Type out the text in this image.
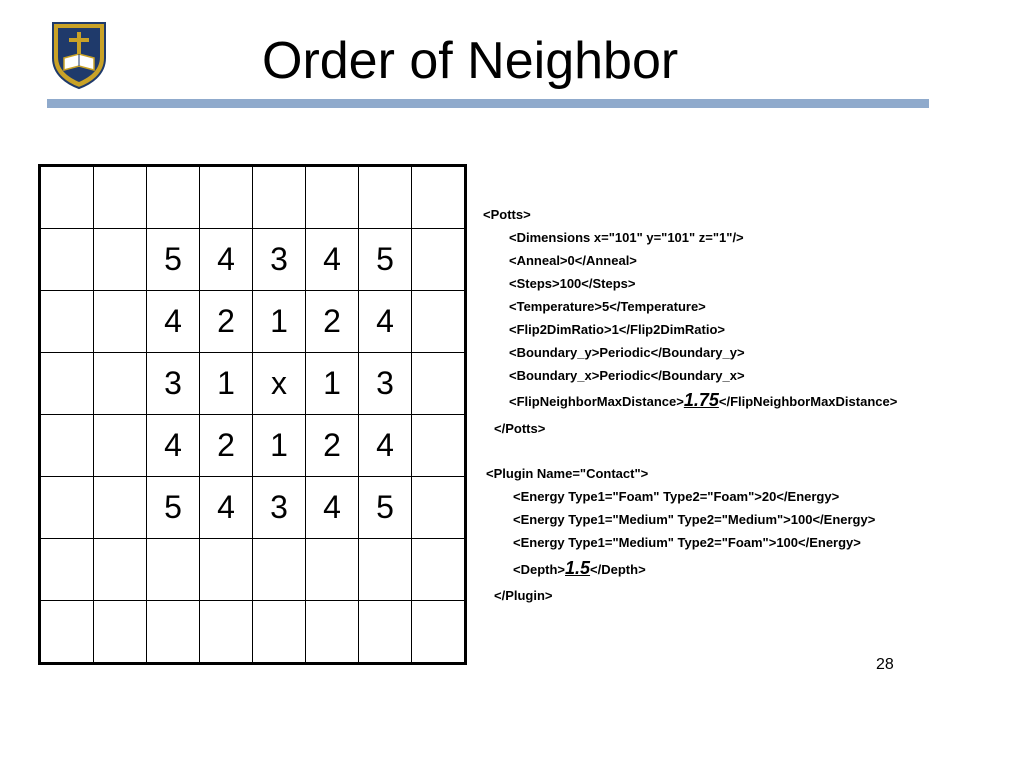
Order of Neighbor

		5	4	3	4	5	
		4	2	1	2	4	
		3	1	x	1	3	
		4	2	1	2	4	
		5	4	3	4	5	

<Potts>
<Dimensions x="101" y="101" z="1"/>
<Anneal>0</Anneal>
<Steps>100</Steps>
<Temperature>5</Temperature>
<Flip2DimRatio>1</Flip2DimRatio>
<Boundary_y>Periodic</Boundary_y>
<Boundary_x>Periodic</Boundary_x>
<FlipNeighborMaxDistance>1.75</FlipNeighborMaxDistance>
</Potts>
<Plugin Name="Contact">
<Energy Type1="Foam" Type2="Foam">20</Energy>
<Energy Type1="Medium" Type2="Medium">100</Energy>
<Energy Type1="Medium" Type2="Foam">100</Energy>
<Depth>1.5</Depth>
</Plugin>
28
